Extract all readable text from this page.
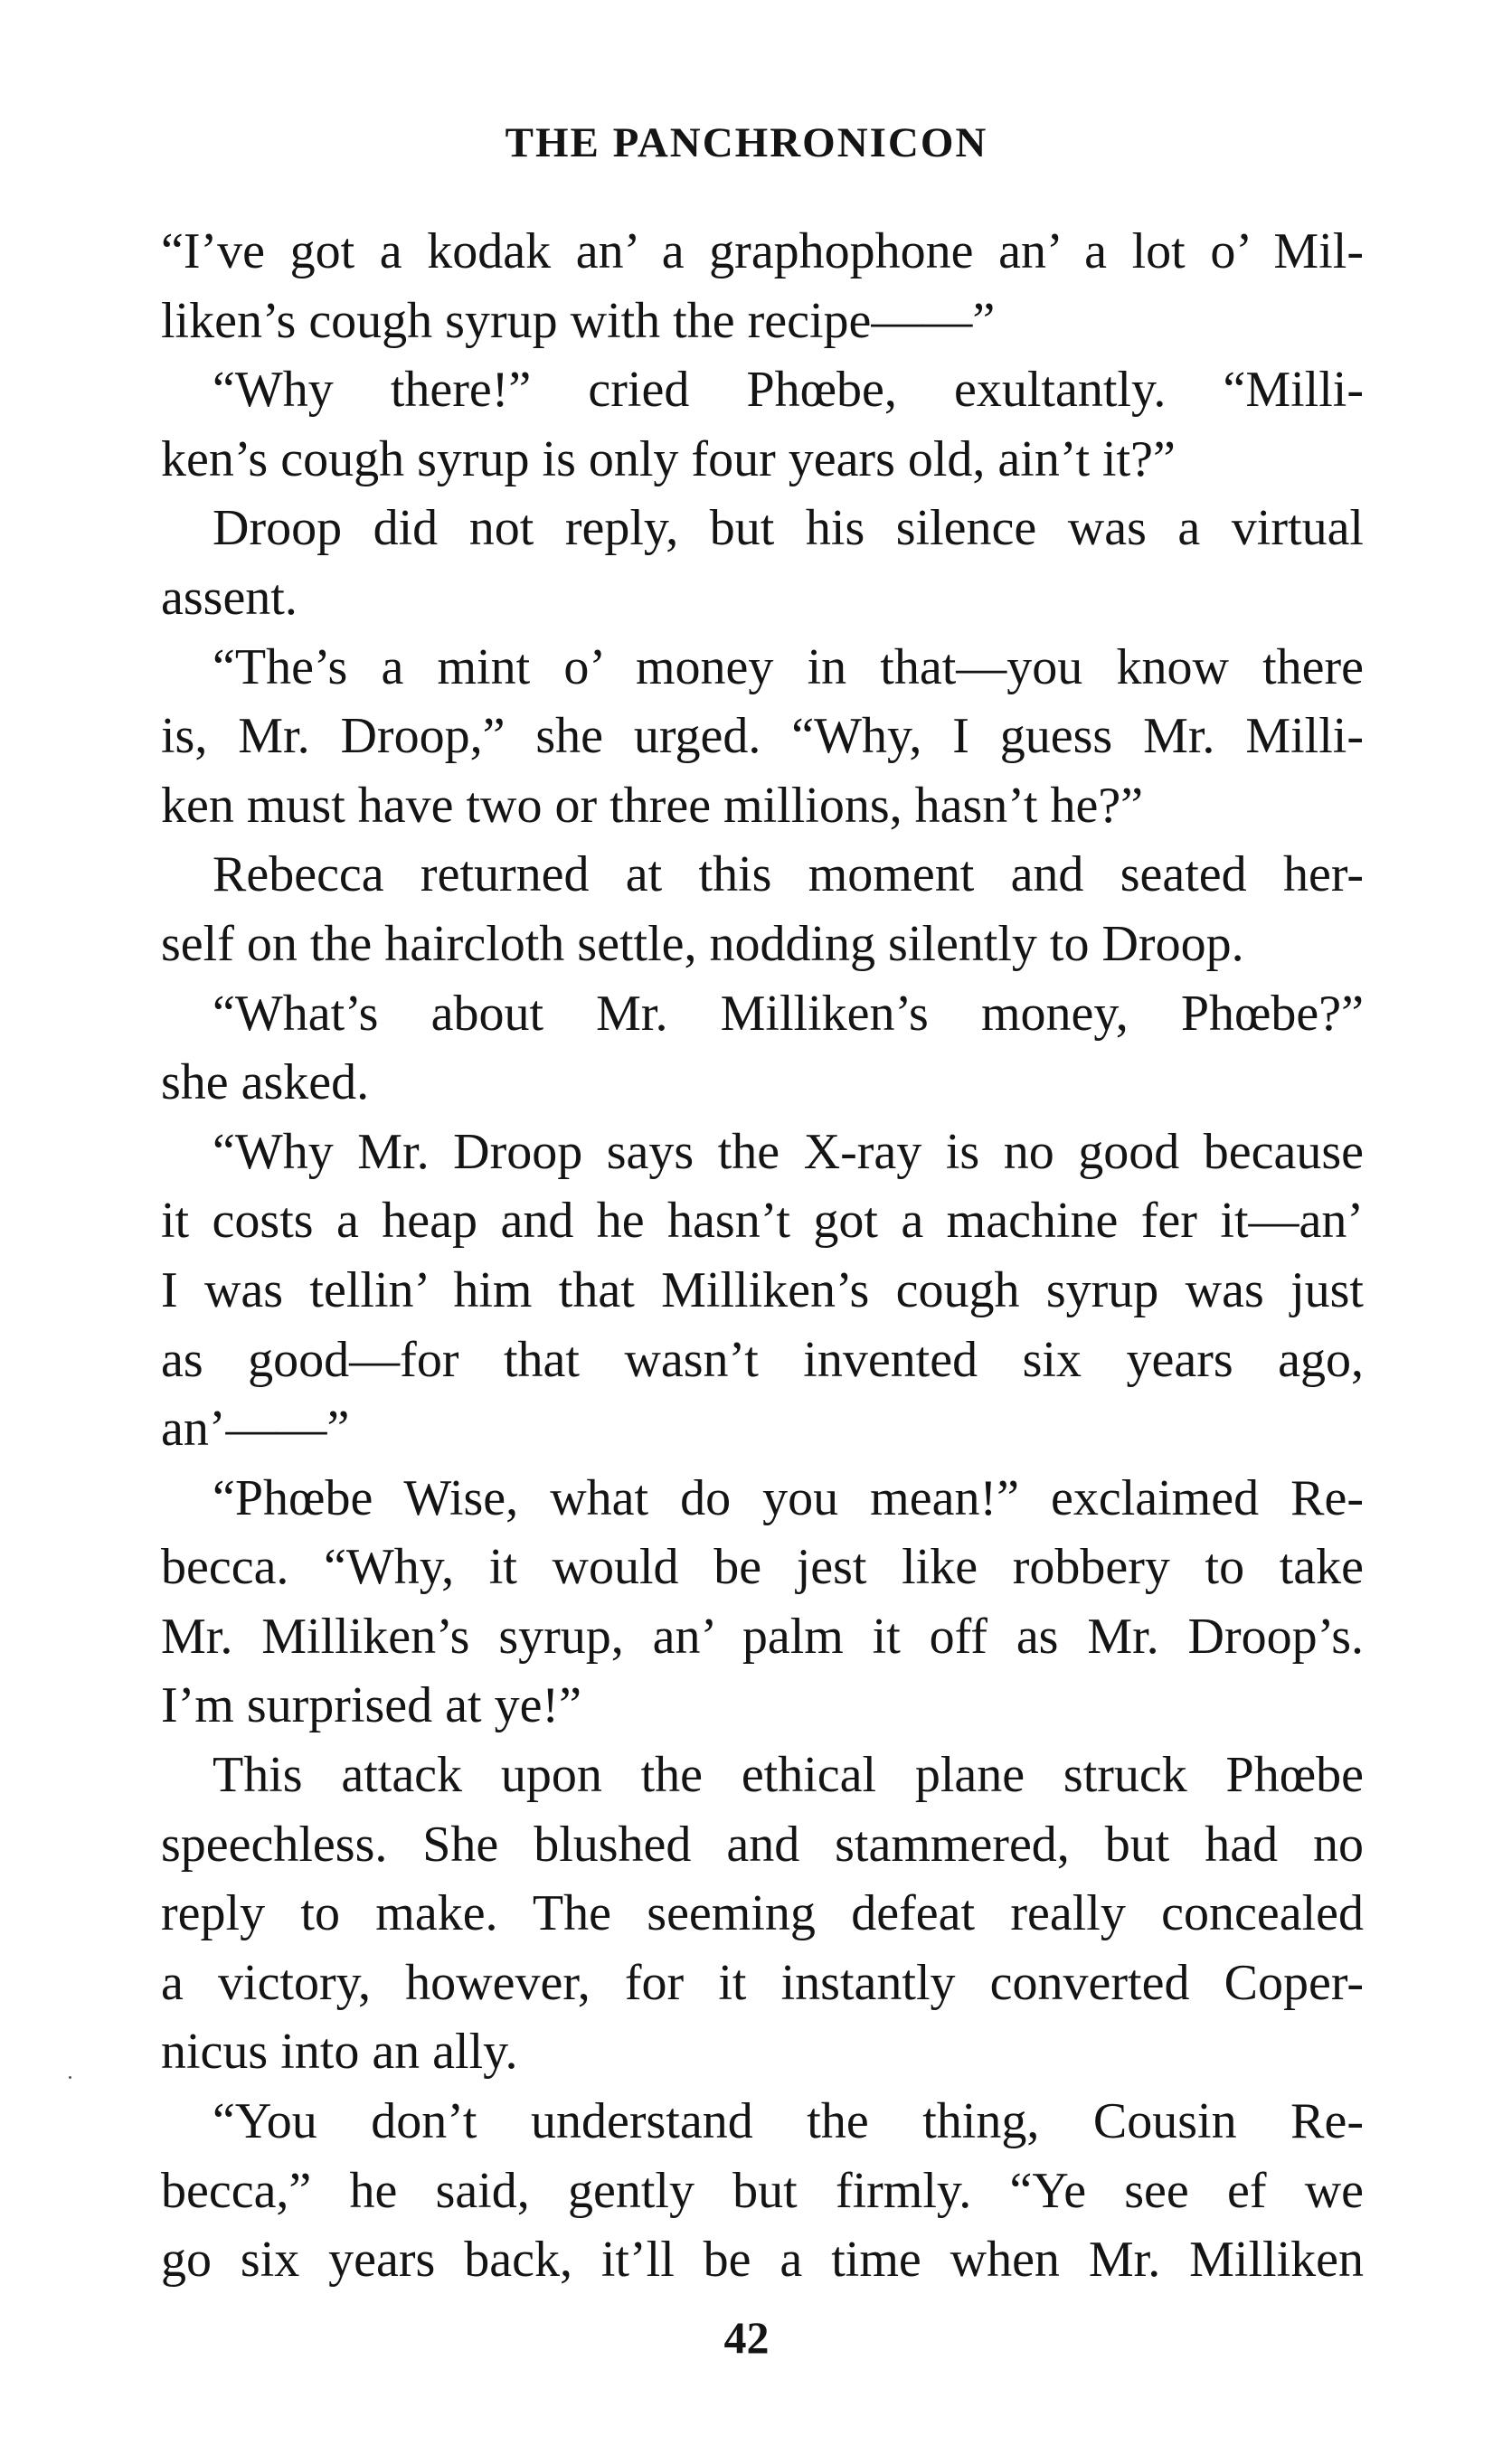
THE PANCHRONICON
“I’ve got a kodak an’ a graphophone an’ a lot o’ Mil-
liken’s cough syrup with the recipe——”
“Why there!” cried Phœbe, exultantly. “Milli-
ken’s cough syrup is only four years old, ain’t it?”
Droop did not reply, but his silence was a virtual
assent.
“The’s a mint o’ money in that—you know there
is, Mr. Droop,” she urged. “Why, I guess Mr. Milli-
ken must have two or three millions, hasn’t he?”
Rebecca returned at this moment and seated her-
self on the haircloth settle, nodding silently to Droop.
“What’s about Mr. Milliken’s money, Phœbe?”
she asked.
“Why Mr. Droop says the X-ray is no good because
it costs a heap and he hasn’t got a machine fer it—an’
I was tellin’ him that Milliken’s cough syrup was just
as good—for that wasn’t invented six years ago,
an’——”
“Phœbe Wise, what do you mean!” exclaimed Re-
becca. “Why, it would be jest like robbery to take
Mr. Milliken’s syrup, an’ palm it off as Mr. Droop’s.
I’m surprised at ye!”
This attack upon the ethical plane struck Phœbe
speechless. She blushed and stammered, but had no
reply to make. The seeming defeat really concealed
a victory, however, for it instantly converted Coper-
nicus into an ally.
“You don’t understand the thing, Cousin Re-
becca,” he said, gently but firmly. “Ye see ef we
go six years back, it’ll be a time when Mr. Milliken
42
